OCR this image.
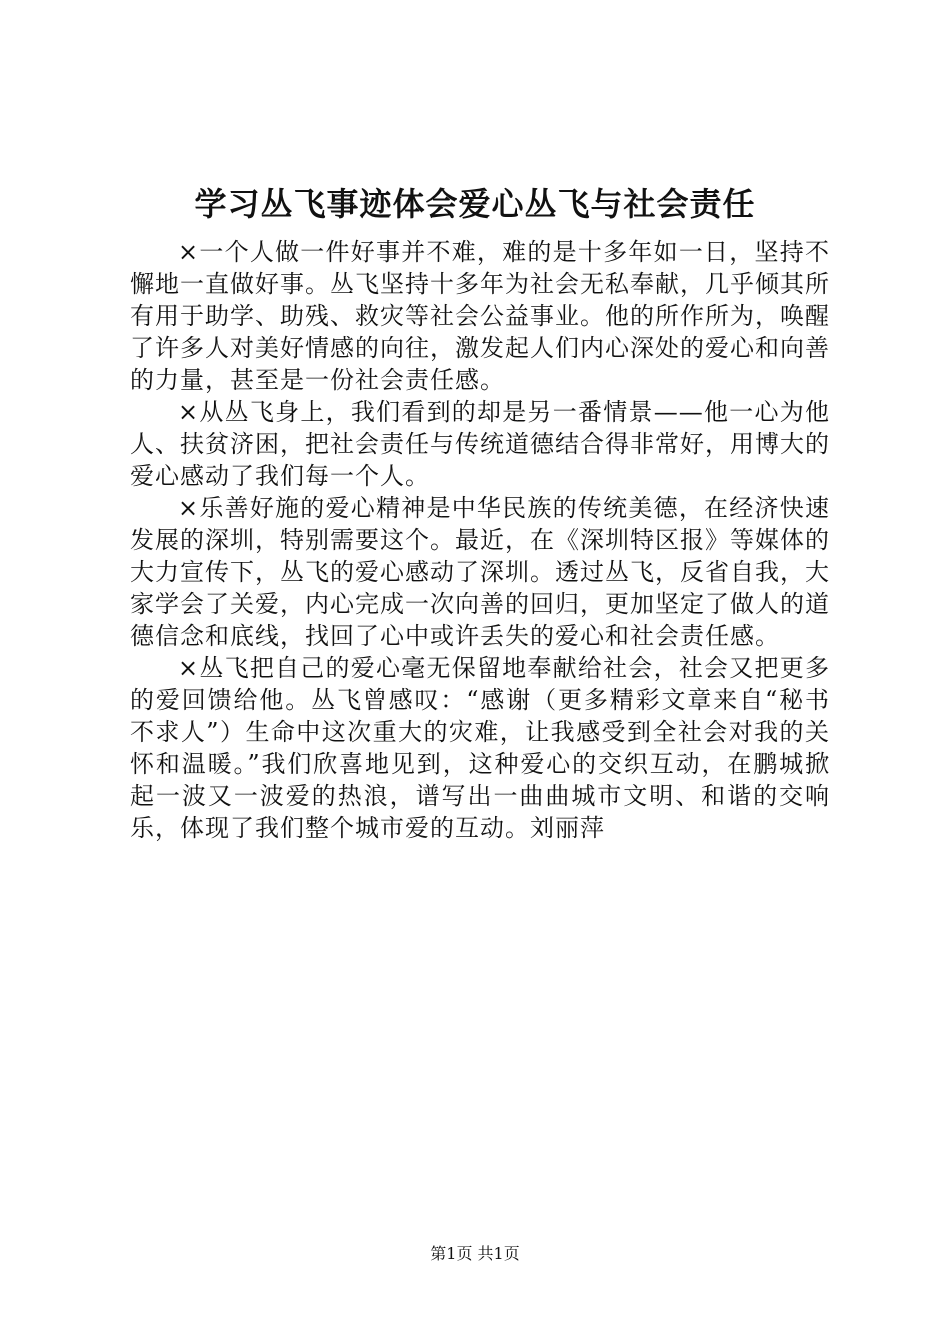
学习丛飞事迹体会爱心丛飞与社会责任

×一个人做一件好事并不难，难的是十多年如一日，坚持不懈地一直做好事。丛飞坚持十多年为社会无私奉献，几乎倾其所有用于助学、助残、救灾等社会公益事业。他的所作所为，唤醒了许多人对美好情感的向往，激发起人们内心深处的爱心和向善的力量，甚至是一份社会责任感。

×从丛飞身上，我们看到的却是另一番情景——他一心为他人、扶贫济困，把社会责任与传统道德结合得非常好，用博大的爱心感动了我们每一个人。

×乐善好施的爱心精神是中华民族的传统美德，在经济快速发展的深圳，特别需要这个。最近，在《深圳特区报》等媒体的大力宣传下，丛飞的爱心感动了深圳。透过丛飞，反省自我，大家学会了关爱，内心完成一次向善的回归，更加坚定了做人的道德信念和底线，找回了心中或许丢失的爱心和社会责任感。

×丛飞把自己的爱心毫无保留地奉献给社会，社会又把更多的爱回馈给他。丛飞曾感叹：“感谢（更多精彩文章来自“秘书不求人”）生命中这次重大的灾难，让我感受到全社会对我的关怀和温暖。”我们欣喜地见到，这种爱心的交织互动，在鹏城掀起一波又一波爱的热浪，谱写出一曲曲城市文明、和谐的交响乐，体现了我们整个城市爱的互动。刘丽萍

第1页 共1页
